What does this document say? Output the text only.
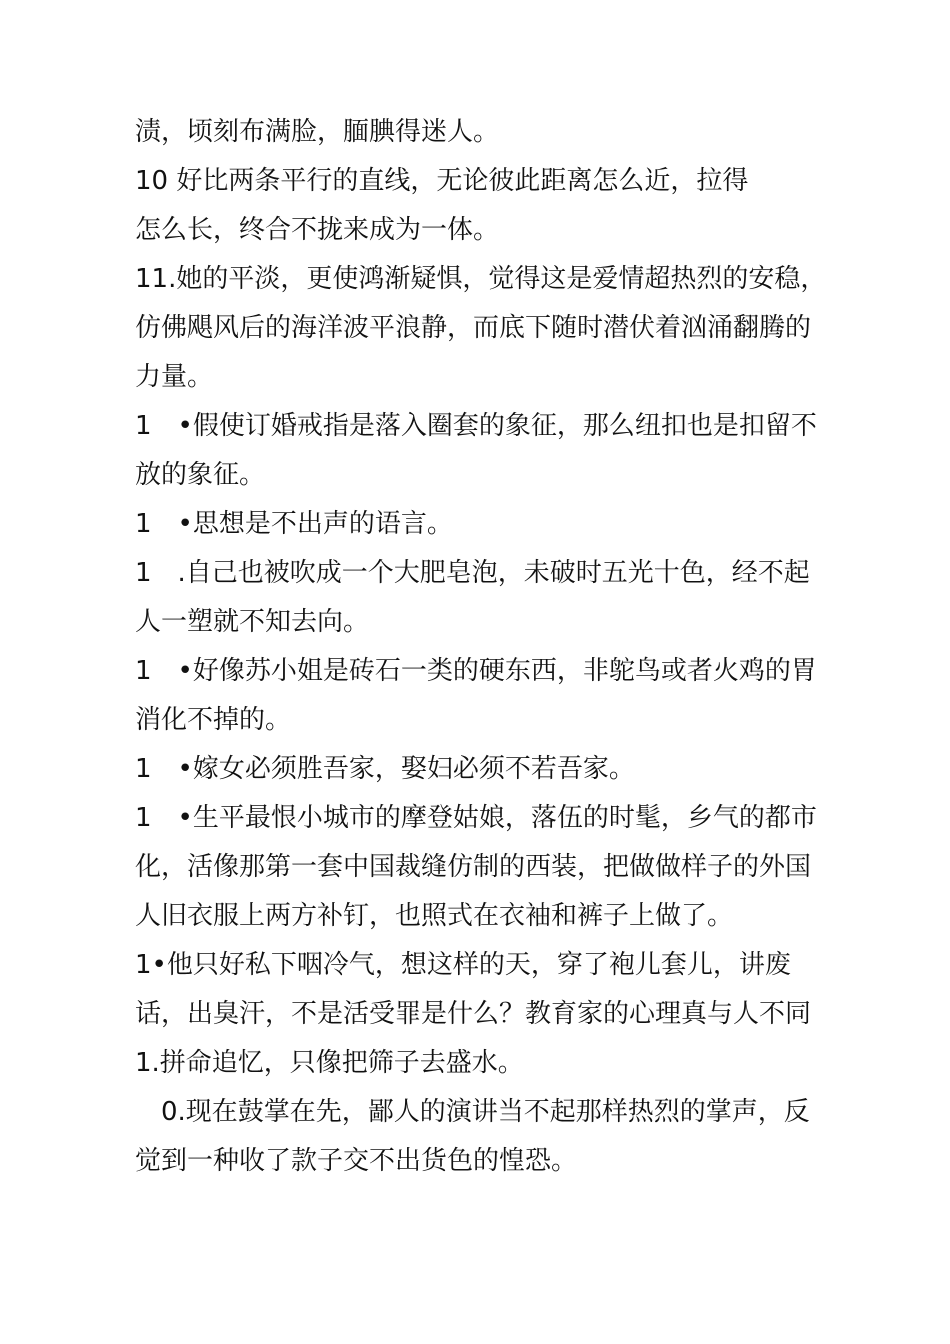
渍，顷刻布满脸，腼腆得迷人。
10 好比两条平行的直线，无论彼此距离怎么近，拉得
怎么长，终合不拢来成为一体。
11.她的平淡，更使鸿渐疑惧，觉得这是爱情超热烈的安稳，
仿佛飓风后的海洋波平浪静，而底下随时潜伏着汹涌翻腾的
力量。
1　•假使订婚戒指是落入圈套的象征，那么纽扣也是扣留不
放的象征。
1　•思想是不出声的语言。
1　.自己也被吹成一个大肥皂泡，未破时五光十色，经不起
人一塑就不知去向。
1　•好像苏小姐是砖石一类的硬东西，非鸵鸟或者火鸡的胃
消化不掉的。
1　•嫁女必须胜吾家，娶妇必须不若吾家。
1　•生平最恨小城市的摩登姑娘，落伍的时髦，乡气的都市
化，活像那第一套中国裁缝仿制的西装，把做做样子的外国
人旧衣服上两方补钉，也照式在衣袖和裤子上做了。
1•他只好私下咽冷气，想这样的天，穿了袍儿套儿，讲废
话，出臭汗，不是活受罪是什么？教育家的心理真与人不同
1.拼命追忆，只像把筛子去盛水。
0.现在鼓掌在先，鄙人的演讲当不起那样热烈的掌声，反
觉到一种收了款子交不出货色的惶恐。
